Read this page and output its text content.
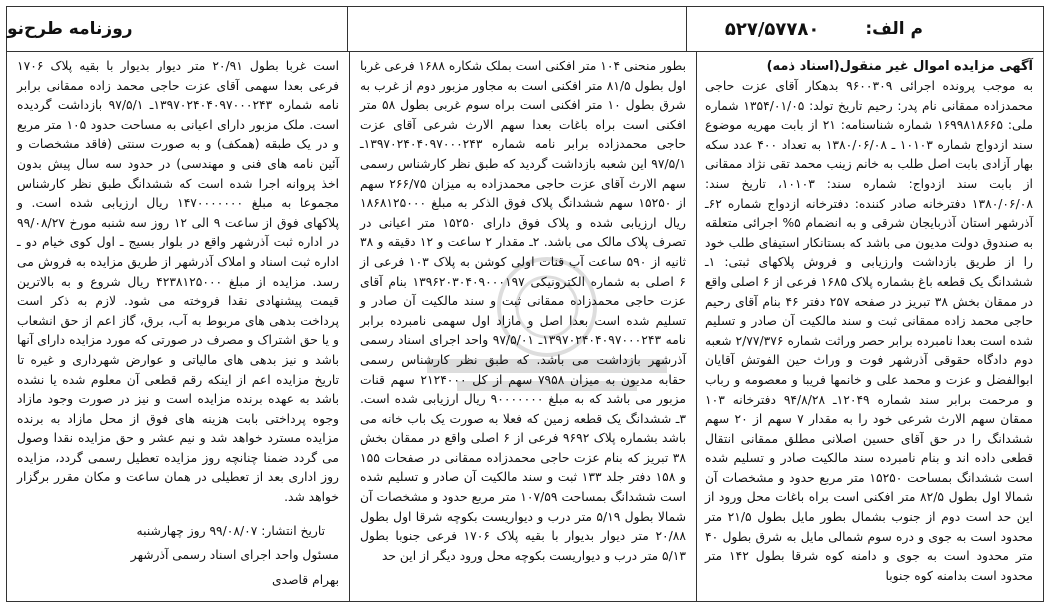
روزنامه طرح‌نو	م الف:
۵۲۷/۵۷۷۸۰

آگهی مزایده اموال غیر منقول(اسناد ذمه)

به موجب پرونده اجرائی ۹۶۰۰۳۰۹ بدهکار آقای عزت حاجی محمدزاده ممقانی نام پدر: رحیم تاریخ تولد: ۱۳۵۴/۰۱/۰۵ شماره ملی: ۱۶۹۹۸۱۸۶۶۵ شماره شناسنامه: ۲۱ از بابت مهریه موضوع سند ازدواج شماره ۱۰۱۰۳ ـ ۱۳۸۰/۰۶/۰۸ به تعداد ۴۰۰ عدد سکه بهار آزادی بابت اصل طلب به خانم زینب محمد تقی نژاد ممقانی از بابت سند ازدواج: شماره سند: ۱۰۱۰۳، تاریخ سند: ۱۳۸۰/۰۶/۰۸ دفترخانه صادر کننده: دفترخانه ازدواج شماره ۶۲ـ آذرشهر استان آذربایجان شرقی و به انضمام ۵% اجرائی متعلقه به صندوق دولت مدیون می باشد که بستانکار استیفای طلب خود را از طریق بازداشت وارزیابی و فروش پلاکهای ثبتی: ۱ـ ششدانگ یک قطعه باغ بشماره پلاک ۱۶۸۵ فرعی از ۶ اصلی واقع در ممقان بخش ۳۸ تبریز در صفحه ۲۵۷ دفتر ۴۶ بنام آقای رحیم حاجی محمد زاده ممقانی ثبت و سند مالکیت آن صادر و تسلیم شده است بعدا نامبرده برابر حصر وراثت شماره ۲/۷۷/۳۷۶ شعبه دوم دادگاه حقوقی آذرشهر فوت و وراث حین الفوتش آقایان ابوالفضل و عزت و محمد علی و خانمها فریبا و معصومه و رباب و مرحمت برابر سند شماره ۱۲۰۴۹ـ ۹۴/۸/۲۸ دفترخانه ۱۰۳ ممقان سهم الارث شرعی خود را به مقدار ۷ سهم از ۲۰ سهم ششدانگ را در حق آقای حسین اصلانی مطلق ممقانی انتقال قطعی داده اند و بنام نامبرده سند مالکیت صادر و تسلیم شده است ششدانگ بمساحت ۱۵۲۵۰ متر مربع حدود و مشخصات آن شمالا اول بطول ۸۲/۵ متر افکنی است براه باغات محل ورود از این حد است دوم از جنوب بشمال بطور مایل بطول ۲۱/۵ متر محدود است به جوی و دره سوم شمالی مایل به شرق بطول ۴۰ متر محدود است به جوی و دامنه کوه شرقا بطول ۱۴۲ متر محدود است بدامنه کوه جنوبا

بطور منحنی ۱۰۴ متر افکنی است بملک شکاره ۱۶۸۸ فرعی غربا اول بطول ۸۱/۵ متر افکنی است به مجاور مزبور دوم از غرب به شرق بطول ۱۰ متر افکنی است براه سوم غربی بطول ۵۸ متر افکنی است براه باغات بعدا سهم الارث شرعی آقای عزت حاجی محمدزاده برابر نامه شماره ۱۳۹۷۰۲۴۰۴۰۹۷۰۰۰۲۴۳ـ ۹۷/۵/۱ این شعبه بازداشت گردید که طبق نظر کارشناس رسمی سهم الارث آقای عزت حاجی محمدزاده به میزان ۲۶۶/۷۵ سهم از ۱۵۲۵۰ سهم ششدانگ پلاک فوق الذکر به مبلغ ۱۸۶۸۱۲۵۰۰۰ ریال ارزیابی شده و پلاک فوق دارای ۱۵۲۵۰ متر اعیانی در تصرف پلاک مالک می باشد. ۲ـ مقدار ۲ ساعت و ۱۲ دقیقه و ۳۸ ثانیه از ۵۹۰ ساعت آب قنات اولی کوشن به پلاک ۱۰۳ فرعی از ۶ اصلی به شماره الکترونیکی ۱۳۹۶۲۰۳۰۴۰۹۰۰۰۱۹۷ بنام آقای عزت حاجی محمدزاده ممقانی ثبت و سند مالکیت آن صادر و تسلیم شده است بعدا اصل و مازاد اول سهمی نامبرده برابر نامه ۱۳۹۷۰۲۴۰۴۰۹۷۰۰۰۲۴۳ـ ۹۷/۵/۰۱ واحد اجرای اسناد رسمی آذرشهر بازداشت می باشد. که طبق نظر کارشناس رسمی حقابه مدیون به میزان ۷۹۵۸ سهم از کل ۲۱۲۴۰۰۰ سهم قنات مزبور می باشد که به مبلغ ۹۰۰۰۰۰۰۰ ریال ارزیابی شده است. ۳ـ ششدانگ یک قطعه زمین که فعلا به صورت یک باب خانه می باشد بشماره پلاک ۹۶۹۲ فرعی از ۶ اصلی واقع در ممقان بخش ۳۸ تبریز که بنام عزت حاجی محمدزاده ممقانی در صفحات ۱۵۵ و ۱۵۸ دفتر جلد ۱۳۳ ثبت و سند مالکیت آن صادر و تسلیم شده است ششدانگ بمساحت ۱۰۷/۵۹ متر مربع حدود و مشخصات آن شمالا بطول ۵/۱۹ متر درب و دیواریست بکوچه شرقا اول بطول ۲۰/۸۸ متر دیوار بدیوار با بقیه پلاک ۱۷۰۶ فرعی جنوبا بطول ۵/۱۳ متر درب و دیواریست بکوچه محل ورود دیگر از این حد

است غربا بطول ۲۰/۹۱ متر دیوار بدیوار با بقیه پلاک ۱۷۰۶ فرعی بعدا سهمی آقای عزت حاجی محمد زاده ممقانی برابر نامه شماره ۱۳۹۷۰۲۴۰۴۰۹۷۰۰۰۲۴۳ـ ۹۷/۵/۱ بازداشت گردیده است. ملک مزبور دارای اعیانی به مساحت حدود ۱۰۵ متر مربع و در یک طبقه (همکف) و به صورت سنتی (فاقد مشخصات و آئین نامه های فنی و مهندسی) در حدود سه سال پیش بدون اخذ پروانه اجرا شده است که ششدانگ طبق نظر کارشناس مجموعا به مبلغ ۱۴۷۰۰۰۰۰۰۰ ریال ارزیابی شده است. و پلاکهای فوق از ساعت ۹ الی ۱۲ روز سه شنبه مورخ ۹۹/۰۸/۲۷ در اداره ثبت آذرشهر واقع در بلوار بسیج ـ اول کوی خیام دو ـ اداره ثبت اسناد و املاک آذرشهر از طریق مزایده به فروش می رسد. مزایده از مبلغ ۴۲۳۸۱۲۵۰۰۰ ریال شروع و به بالاترین قیمت پیشنهادی نقدا فروخته می شود. لازم به ذکر است پرداخت بدهی های مربوط به آب، برق، گاز اعم از حق انشعاب و یا حق اشتراک و مصرف در صورتی که مورد مزایده دارای آنها باشد و نیز بدهی های مالیاتی و عوارض شهرداری و غیره تا تاریخ مزایده اعم از اینکه رقم قطعی آن معلوم شده یا نشده باشد به عهده برنده مزایده است و نیز در صورت وجود مازاد وجوه پرداختی بابت هزینه های فوق از محل مازاد به برنده مزایده مسترد خواهد شد و نیم عشر و حق مزایده نقدا وصول می گردد ضمنا چنانچه روز مزایده تعطیل رسمی گردد، مزایده روز اداری بعد از تعطیلی در همان ساعت و مکان مقرر برگزار خواهد شد.

تاریخ انتشار: ۹۹/۰۸/۰۷ روز چهارشنبه

مسئول واحد اجرای اسناد رسمی آذرشهر

بهرام قاصدی
